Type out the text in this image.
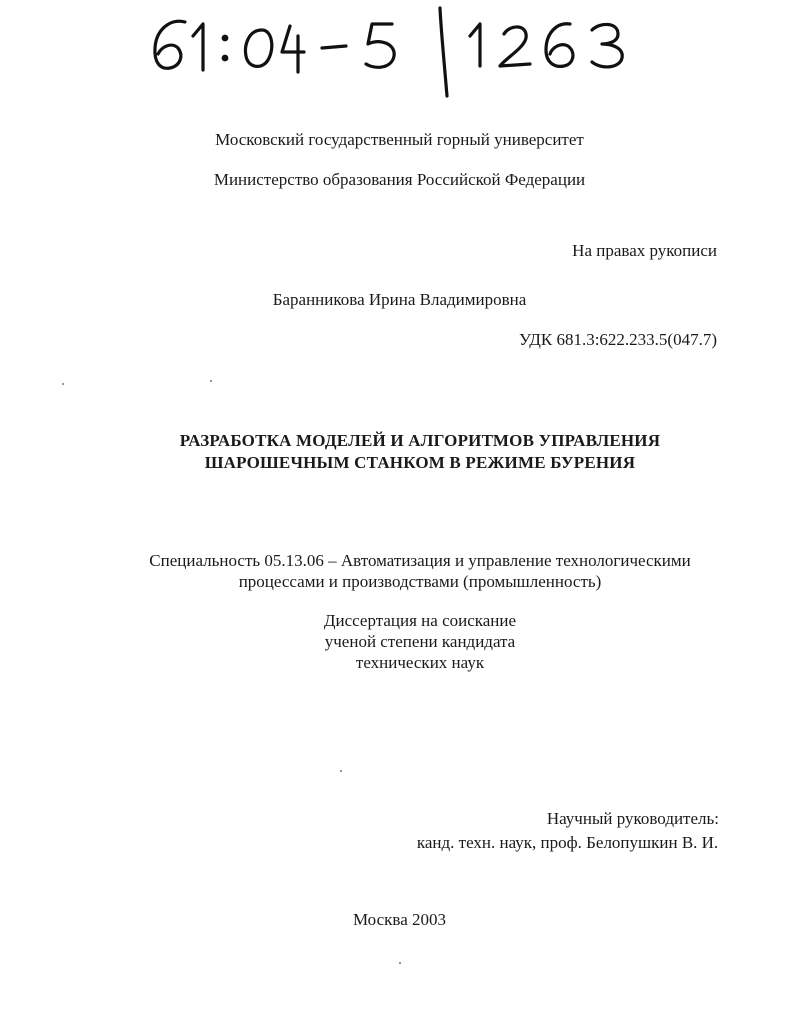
Московский государственный горный университет
Министерство образования Российской Федерации
На правах рукописи
Баранникова Ирина Владимировна
УДК 681.3:622.233.5(047.7)
РАЗРАБОТКА МОДЕЛЕЙ И АЛГОРИТМОВ УПРАВЛЕНИЯ
ШАРОШЕЧНЫМ СТАНКОМ В РЕЖИМЕ БУРЕНИЯ
Специальность 05.13.06 – Автоматизация и управление технологическими
процессами и производствами (промышленность)
Диссертация на соискание
ученой степени кандидата
технических наук
Научный руководитель:
канд. техн. наук, проф. Белопушкин В. И.
Москва 2003
